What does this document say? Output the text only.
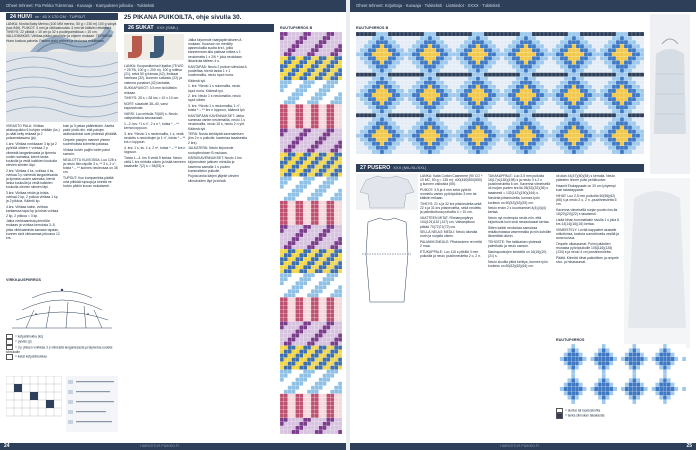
Oheet tehneet: Pia Pekka Tulenmaa · Kuvaaja · Kampuksen julkaisu · Tukiteksti	Oheet tehneet: Kirjoittaja · Kuvaaja · Tukiteksti · Lisätiedot · XXXX · Tukiteksti
24 HUIVI xx · 40 X 170 CM · TUPSUT

LANKA: Novita Baby Merino (100 MM merino, 50 g = 230 m) 100 g sävyä (sax 846). PUIKOT: 4 mm ja viirikaskoukku 4 mm tai kätisiin reikätestä. TIHEYS: 22 piikkiä = 10 cm ja 32 s puolinpalmikkoa = 10 cm. VALLIOMAKAS: Viirikaa pääst pirimiöön ja ohjeen mukaan. TERMINIA: Hunn koskua palvela. Paklen piakt viribeet ja tiedonsa reikähtaan.

VIIRASTO PALA: Viirikas aloituspuikko 6 kohjoin reikään (ks.) ja näät kelty reikaaä ja 2 polsamakasana (ja).

1.krs: Viirikaa ronkkaaan 3 kp ja 2 pyörtöä ottäen + vvirkaa 2 p viimestä langanlesasta ja lipmeta uuden saimaka, kierrä lanka koukulla ja vedä kaikkien koukulla olevien silmien läpi.

2.krs: Viirikaa 4 ks, vvirkaa 4 ks, vvirkaa 3 p viimestä langanlesasta ja lipmeta uuden saimaka, kierrä lanka koukulla ja vedä kaikkien koukulla olevien silmien läpi.

3.krs: Viirikaa rekän ja toista, vvirkaa 2 kp, 2 poikoa viirikaa 1 kp ja 2 pikkoa, Kääntö kp.

4.krs: Viirikaa kaksi, vvirkaa kantaessa lapsi kp ja toista vvirkaa 2 kp, 2 pikkoa = 3 kp.

Jatka vvirkkaamista pirimiöön mukaan ja vvirkaa kerroksia 3–5, jotka viirkkaamista samaan tapaan, kunnes sinä viirkaamaa pituusva 12 krs.

kain ja 3 palaa päällekkäin. Asetta palot yhdä niin, että palojen aloituskohdat ovat yhdessä ylhäällä.

Ompele palojen maneet yhteen suomiholista kolmelta palassa.

Viirkaa huivin paljiin tortet palot samoin:

NEULOTTU KUVIOSSA: Luo 128 s ja neulo täm rajoille 3 s, ** 3 s, 2 o", toista * – ** kunnes neuleosaa on 36 cm.

TUPSUT: Kun kompaniinta päältä ovia piikkää tupsuja ja kinnitä ne huivin päihin kuvan mukaisesti.

VIRKKAUSPIIRROS
= ketjusilmukka (ks)
= pylväs (p)
= 3 p yhteen vvirkkaa 3 p viimeistä langanlesasta ja läpivetoa uudelle silmukalle
= kaksi ketjusilmukkaa
25 PIKANA PUIKOILTA, ohje sivulla 30.
26 SUKAT XXX (S/ML)

LANKA: Kuopankkeina Kirjatka (75 WO + 25 PA, 100 g = 200 m). 100 g mittisa (21), sekä 50 g fulmaa (42), ilmikaat Ivimbara (32), kunnren sollaisto (22) ja vaimma punaiset (42) lankatta.

SUKKAPUIKOT: 3.5 mm tai kätisiin reikaan.

TIHEYS: 28 s = 28 krs = 10 x 10 cm.

NORT: sukalolei 38–40, varsi kaposivivale.

VARSI: Luo mirtulla 70(60) s. Neulo valepalmikoa seuraavasti:

1.–2. krs: *1 s o", 2 s n *, toista * – ** kerran loppuun.

3. krs: *Neulo 1 s neulemallla, 1 s, vedä neulottu s neulottujen ja 1 n", toista * – ** krs n loppuun.

4. krs: 1 s, ks, 1 s, 2 n*, toista * – ** krs n loppuun.

Toista 1.–4. krs 5 vedä 5 kertaa. Neulo vielä 1 krs mirtulla oikein ja lisää tanneen tasaiselle 7(2) s = 54(63) s.

Jatka kirjoneule raahjapiirrokseen A mukaan. Kuavuon on merkitty ajanmukailla suolta krs:t, joilla kannemman alla pakissa nitkea s 1 neulomatta 1 x 2/6 + joka neulotaan ikkaviruta tätleen 4 s.

KANTAPÄÄ: Neulo 2 puikon silmukat A puoleiltaa, kierrä lanka 1 x 1 nuolinmallia, neulo loput nuria.

Käännä työ.

1. krs: *Neulo 1 s nulomallia, neulo loput nuria. Käännä työ.

2. krs: Neulo 1 s neulomallia, neulo loput oikein.

3. krs: *Neulo 1 s neulomallia, 1 n", toista * – ** krs n loppuun, käännä työ.

KANTAPÄÄN KAVENNUKSET: Jatka summaa varten neulemallia, neulo 1 s neulomallia, neulo 15 s, neulo 2 n yht. Käännä työ.

TERÄ: Nosta kehtäpää kavenamisen (krs 2 n s puikolle, kaventaa tasaisestia 2 krs).

JALKATERÄ: Neulo kirjoneule ruutupiirroksen B mukaan.

KÄRKIKAVENNUKSET: Neulo 1 krs kirjoneuleen jatkuen mintulla ja kavenna samalla 1 s puolen kummallekin puikolle.

Pujota lanka kärjen jäljelle olevien silmukoiden läpi ja kiristä.

RUUTUPIIRROS B	RUUTUPIIRROS B
27 PUSERO XXX (M/L/XL/XXL)

LANKA: Kalla Cotton Cashmere (90 CO + 10 MC, 50 g = 135 m): 400(450)500(550) g kunnen valkoista (55).

PUIKOT: 3,5 ja 4 mm sekä pyöröö mumeilu varten pyöröpuikko 3 mm tai kätisiin reikaan.

TIHEYS: 21 s ja 32 krs pitsineuletta sekä 22 s ja 31 krs pitsineuletta, sekä neulettu ja palmikoituna puikoilla 4 = 10 cm.

VAATTEEN MITAT: Rinnanympärys 104(124)132 (147) cm, Vatsanpituus pitkää 70(72)72(72) cm.

SELLÄ NEULE MEDLI: Neulo oikealla nurin ja nurjalla oikein.

PALMIKKONEULE: Pitsineuleen rei reiltä 2 rnaa.

ETUKAPPALE: Luo 115 s pitkillä 3 mm puikoilla ja neulo joustinneuletta 2 o, 2 n.

TAKAKAPPALE: Luo 3,5 mm puikolla 16(17)4(184)(198) s ja neulo 3 s 2 n joustinneuletta 6 cm. Kavenna viimeisellä oli nurjan puolen krs:lla 28(32)(32)(36) s tasaisesti = 132(142)(150)(164) s.

Neuleita pitsineuletta, kunnes työn korkeus on 50(52)(52)(53) cm.

Neulo ensin 2 s kuuntumiset 4(4)(4)(4) kertaa.

Neulo nyt molempia neule-niin, että kirjontuvat kuin sinä neulautuvaat kertaa.

Sitten kaikki neulontaa samoissa reikäkohdassa vasemmalla ja niin kohdille lämmittää oikein.

TEHOSTE: Tee taikkainen yhdessä palmikoitu ja neulo samoin.

Nauhapunkojen keskellä on 16(16)(20)(21) s.

Neulo sivuilla pitkä kehitys, kunnes työn korkeus on 60(62)(62)(64) cm.

oli alan 44(47)(50)(54) s kerralla. Neulo pääntien linnen pulst pehtikoutve.

Haamit Etukappaale on 20 cm lyhyempi kuin takakappaale.

HIHAT: Luo 2,5 mm puikoilla 50(56)(62)(66) s ja neulo 2 o, 2 n -joustinneuletta 6 cm.

Kavenna viimeisellä nurjan puolen krs:lla 18(20)(20)(22) s tasaisesti.

Lisää hihan kummallakin sivulla 1 s joka 6. krs 14(14)(16)(16) kertaa.

VIIMEISTELY: Levitä kappaleet alustalle mittoihinsa, kostuta sumuttimella vesillä ja anna kuivua.

Ompele olkasaumat. Poimi pääntien reunasta pyöröpuikolle 108(116)(126)(134) s ja neulo 4 cm joustinneuletta.

Päätä. Kiinnitä hihat paikoilleen ja ompele sivu- ja hihasaumat.

RUUTUPIIRROS
= aloitus tai lopetuskohta
= lanka silmukan takakautta
HARJOITUS PUIKKO.FI	HARJOITUS PUIKKO.FI
24	25
